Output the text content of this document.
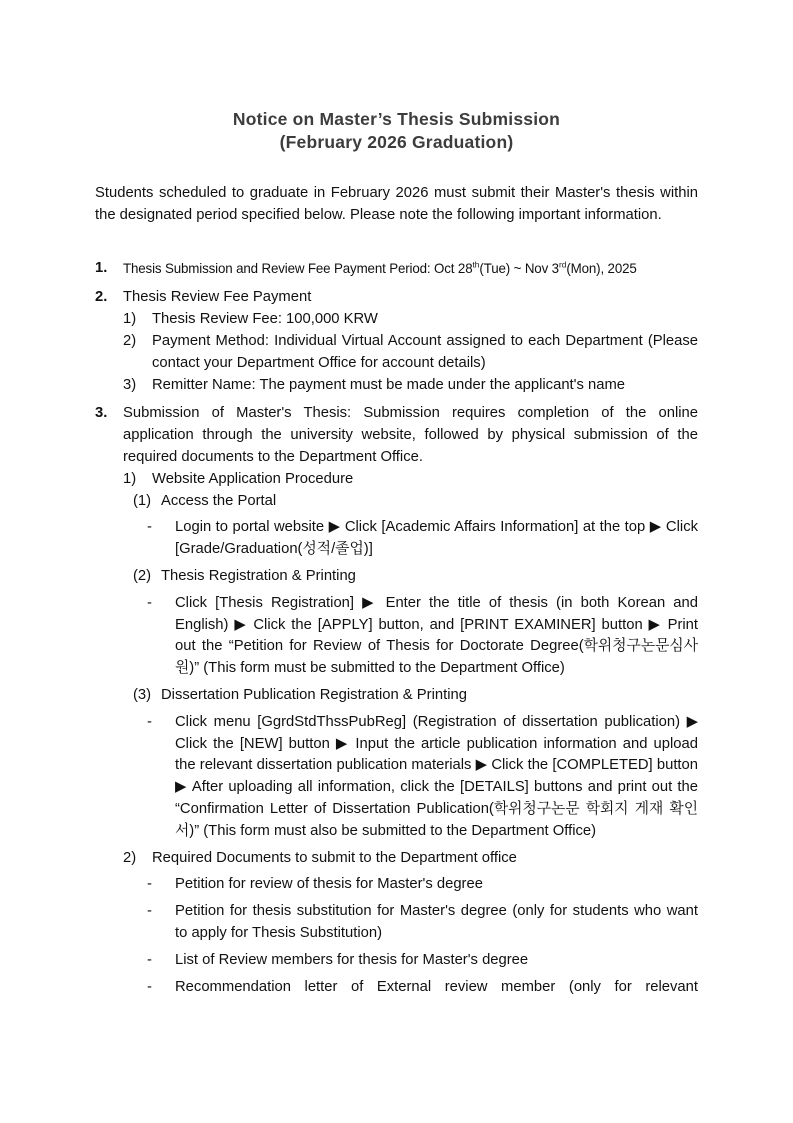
Notice on Master’s Thesis Submission
(February 2026 Graduation)

Students scheduled to graduate in February 2026 must submit their Master's thesis within the designated period specified below. Please note the following important information.

1. Thesis Submission and Review Fee Payment Period: Oct 28th(Tue) ~ Nov 3rd(Mon), 2025
2. Thesis Review Fee Payment
1) Thesis Review Fee: 100,000 KRW
2) Payment Method: Individual Virtual Account assigned to each Department (Please contact your Department Office for account details)
3) Remitter Name: The payment must be made under the applicant's name
3. Submission of Master's Thesis: Submission requires completion of the online application through the university website, followed by physical submission of the required documents to the Department Office.
1) Website Application Procedure
(1) Access the Portal
- Login to portal website ▶ Click [Academic Affairs Information] at the top ▶ Click [Grade/Graduation(성적/졸업)]
(2) Thesis Registration & Printing
- Click [Thesis Registration] ▶ Enter the title of thesis (in both Korean and English) ▶ Click the [APPLY] button, and [PRINT EXAMINER] button ▶ Print out the “Petition for Review of Thesis for Doctorate Degree(학위청구논문심사원)” (This form must be submitted to the Department Office)
(3) Dissertation Publication Registration & Printing
- Click menu [GgrdStdThssPubReg] (Registration of dissertation publication) ▶ Click the [NEW] button ▶ Input the article publication information and upload the relevant dissertation publication materials ▶ Click the [COMPLETED] button ▶ After uploading all information, click the [DETAILS] buttons and print out the “Confirmation Letter of Dissertation Publication(학위청구논문 학회지 게재 확인서)” (This form must also be submitted to the Department Office)
2) Required Documents to submit to the Department office
- Petition for review of thesis for Master's degree
- Petition for thesis substitution for Master's degree (only for students who want to apply for Thesis Substitution)
- List of Review members for thesis for Master's degree
- Recommendation letter of External review member (only for relevant
